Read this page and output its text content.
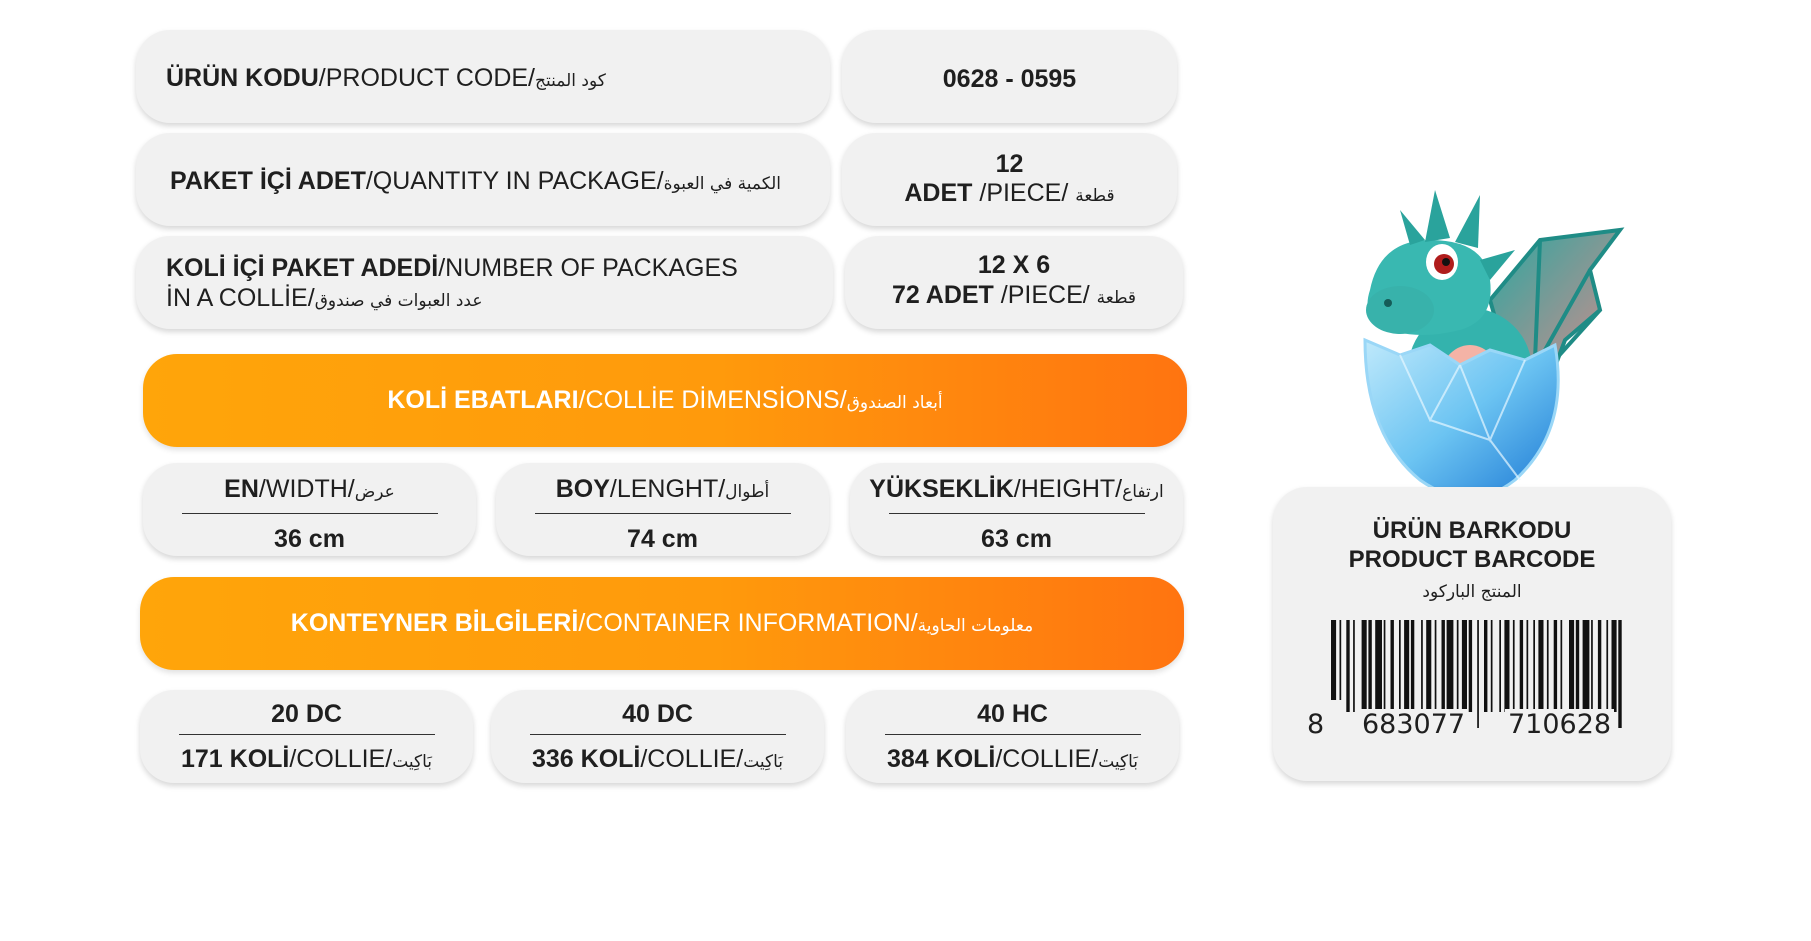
ÜRÜN KODU/PRODUCT CODE/كود المنتج	0628 - 0595
PAKET İÇİ ADET/QUANTITY IN PACKAGE/الكمية في العبوة
12
ADET /PIECE/ قطعة
KOLİ İÇİ PAKET ADEDİ/NUMBER OF PACKAGES
İN A COLLİE/عدد العبوات في صندوق
12 X 6
72 ADET /PIECE/ قطعة
KOLİ EBATLARI/COLLİE DİMENSİONS/أبعاد الصندوق
EN/WIDTH/عرض
36 cm
BOY/LENGHT/أطوال
74 cm
YÜKSEKLİK/HEIGHT/ارتفاع
63 cm
KONTEYNER BİLGİLERİ/CONTAINER INFORMATION/معلومات الحاوية
20 DC
171 KOLİ/COLLIE/بَاكِيت
40 DC
336 KOLİ/COLLIE/بَاكِيت
40 HC
384 KOLİ/COLLIE/بَاكِيت
ÜRÜN BARKODU
PRODUCT BARCODE
المنتج الباركود
8 683077 710628
